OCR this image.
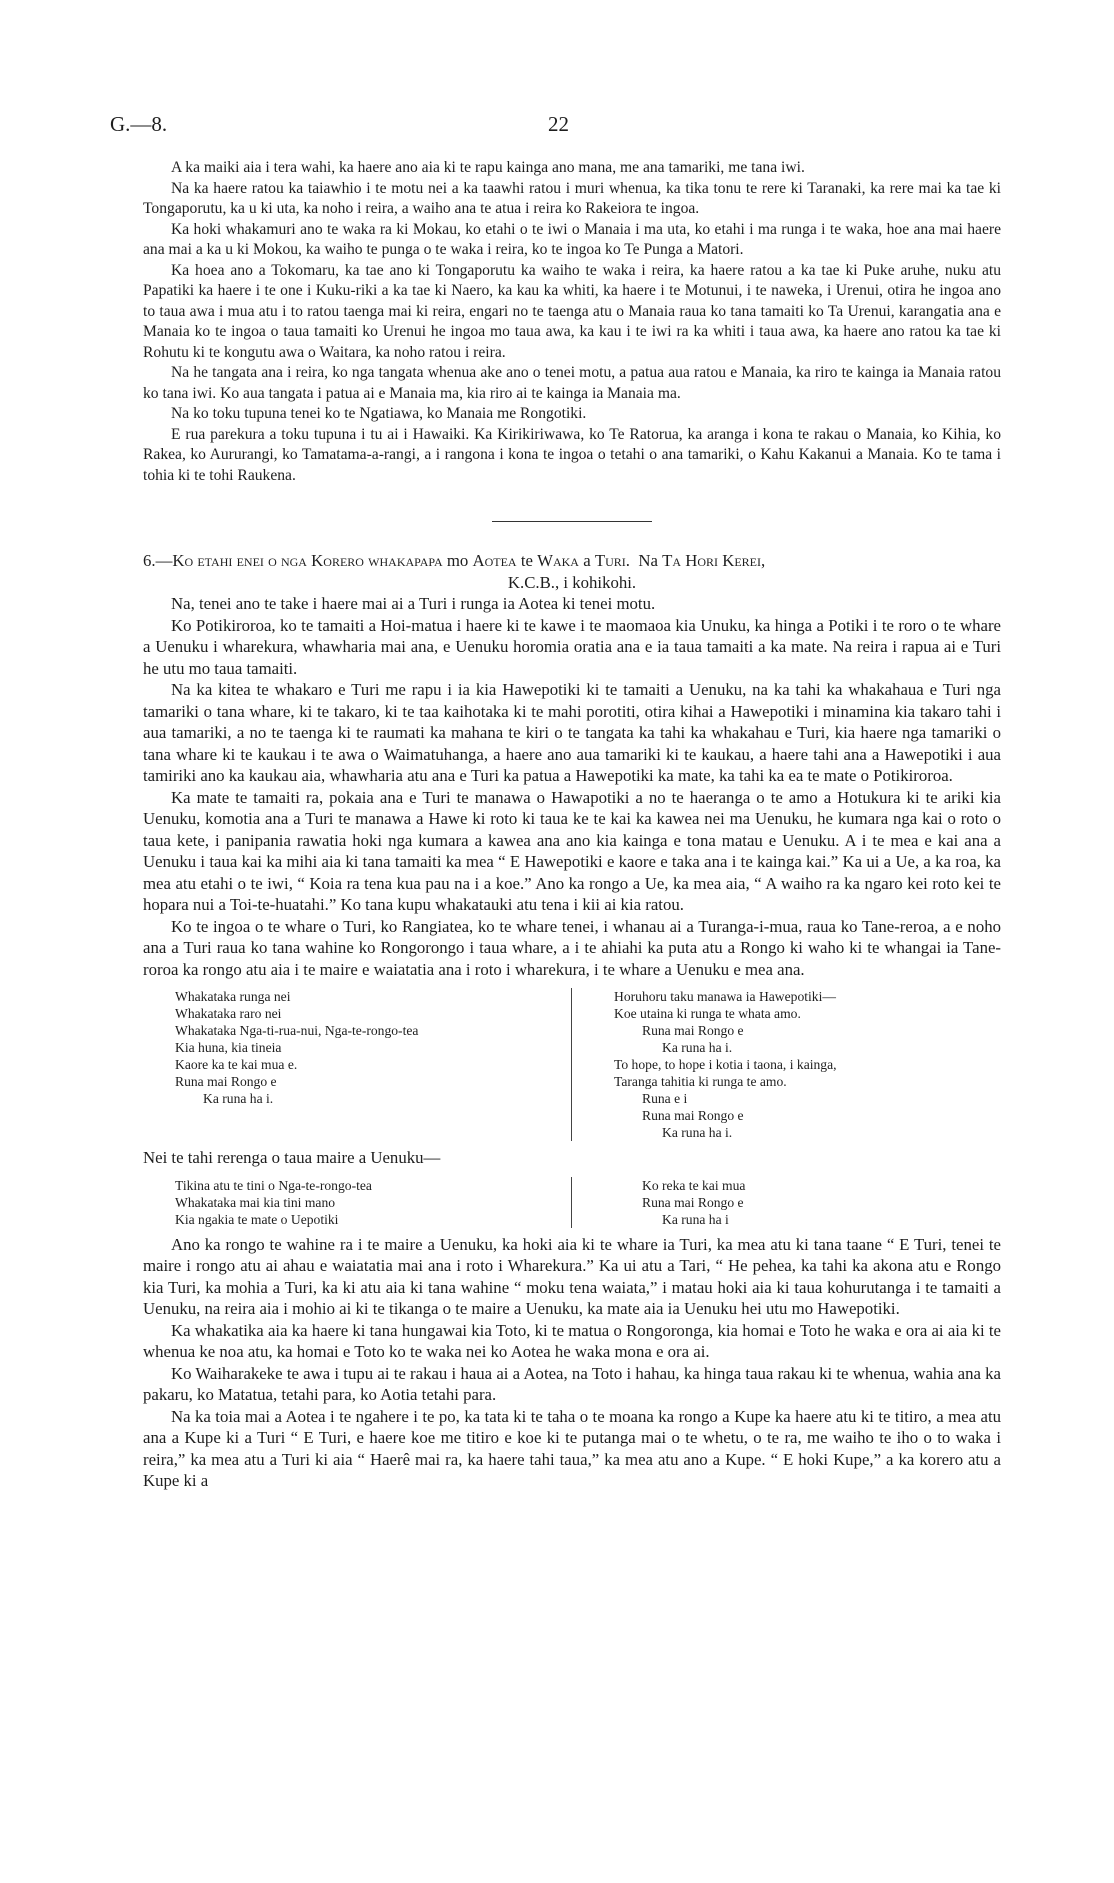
G.—8.	22

A ka maiki aia i tera wahi, ka haere ano aia ki te rapu kainga ano mana, me ana tamariki, me tana iwi.

Na ka haere ratou ka taiawhio i te motu nei a ka taawhi ratou i muri whenua, ka tika tonu te rere ki Taranaki, ka rere mai ka tae ki Tongaporutu, ka u ki uta, ka noho i reira, a waiho ana te atua i reira ko Rakeiora te ingoa.

Ka hoki whakamuri ano te waka ra ki Mokau, ko etahi o te iwi o Manaia i ma uta, ko etahi i ma runga i te waka, hoe ana mai haere ana mai a ka u ki Mokou, ka waiho te punga o te waka i reira, ko te ingoa ko Te Punga a Matori.

Ka hoea ano a Tokomaru, ka tae ano ki Tongaporutu ka waiho te waka i reira, ka haere ratou a ka tae ki Puke aruhe, nuku atu Papatiki ka haere i te one i Kuku-riki a ka tae ki Naero, ka kau ka whiti, ka haere i te Motunui, i te naweka, i Urenui, otira he ingoa ano to taua awa i mua atu i to ratou taenga mai ki reira, engari no te taenga atu o Manaia raua ko tana tamaiti ko Ta Urenui, karangatia ana e Manaia ko te ingoa o taua tamaiti ko Urenui he ingoa mo taua awa, ka kau i te iwi ra ka whiti i taua awa, ka haere ano ratou ka tae ki Rohutu ki te kongutu awa o Waitara, ka noho ratou i reira.

Na he tangata ana i reira, ko nga tangata whenua ake ano o tenei motu, a patua aua ratou e Manaia, ka riro te kainga ia Manaia ratou ko tana iwi. Ko aua tangata i patua ai e Manaia ma, kia riro ai te kainga ia Manaia ma.

Na ko toku tupuna tenei ko te Ngatiawa, ko Manaia me Rongotiki.

E rua parekura a toku tupuna i tu ai i Hawaiki. Ka Kirikiriwawa, ko Te Ratorua, ka aranga i kona te rakau o Manaia, ko Kihia, ko Rakea, ko Aururangi, ko Tamatama-a-rangi, a i rangona i kona te ingoa o tetahi o ana tamariki, o Kahu Kakanui a Manaia. Ko te tama i tohia ki te tohi Raukena.

6.—Ko etahi enei o nga Korero whakapapa mo Aotea te Waka a Turi. Na Ta Hori Kerei,
K.C.B., i kohikohi.

Na, tenei ano te take i haere mai ai a Turi i runga ia Aotea ki tenei motu.

Ko Potikiroroa, ko te tamaiti a Hoi-matua i haere ki te kawe i te maomaoa kia Unuku, ka hinga a Potiki i te roro o te whare a Uenuku i wharekura, whawharia mai ana, e Uenuku horomia oratia ana e ia taua tamaiti a ka mate. Na reira i rapua ai e Turi he utu mo taua tamaiti.

Na ka kitea te whakaro e Turi me rapu i ia kia Hawepotiki ki te tamaiti a Uenuku, na ka tahi ka whakahaua e Turi nga tamariki o tana whare, ki te takaro, ki te taa kaihotaka ki te mahi porotiti, otira kihai a Hawepotiki i minamina kia takaro tahi i aua tamariki, a no te taenga ki te raumati ka mahana te kiri o te tangata ka tahi ka whakahau e Turi, kia haere nga tamariki o tana whare ki te kaukau i te awa o Waimatuhanga, a haere ano aua tamariki ki te kaukau, a haere tahi ana a Hawepotiki i aua tamiriki ano ka kaukau aia, whawharia atu ana e Turi ka patua a Hawepotiki ka mate, ka tahi ka ea te mate o Potikiroroa.

Ka mate te tamaiti ra, pokaia ana e Turi te manawa o Hawapotiki a no te haeranga o te amo a Hotukura ki te ariki kia Uenuku, komotia ana a Turi te manawa a Hawe ki roto ki taua ke te kai ka kawea nei ma Uenuku, he kumara nga kai o roto o taua kete, i panipania rawatia hoki nga kumara a kawea ana ano kia kainga e tona matau e Uenuku. A i te mea e kai ana a Uenuku i taua kai ka mihi aia ki tana tamaiti ka mea “ E Hawepotiki e kaore e taka ana i te kainga kai.” Ka ui a Ue, a ka roa, ka mea atu etahi o te iwi, “ Koia ra tena kua pau na i a koe.” Ano ka rongo a Ue, ka mea aia, “ A waiho ra ka ngaro kei roto kei te hopara nui a Toi-te-huatahi.” Ko tana kupu whakatauki atu tena i kii ai kia ratou.

Ko te ingoa o te whare o Turi, ko Rangiatea, ko te whare tenei, i whanau ai a Turanga-i-mua, raua ko Tane-reroa, a e noho ana a Turi raua ko tana wahine ko Rongorongo i taua whare, a i te ahiahi ka puta atu a Rongo ki waho ki te whangai ia Tane-roroa ka rongo atu aia i te maire e waiatatia ana i roto i wharekura, i te whare a Uenuku e mea ana.

Whakataka runga nei
Whakataka raro nei
Whakataka Nga-ti-rua-nui, Nga-te-rongo-tea
Kia huna, kia tineia
Kaore ka te kai mua e.
Runa mai Rongo e
Ka runa ha i.
Horuhoru taku manawa ia Hawepotiki—
Koe utaina ki runga te whata amo.
Runa mai Rongo e
Ka runa ha i.
To hope, to hope i kotia i taona, i kainga,
Taranga tahitia ki runga te amo.
Runa e i
Runa mai Rongo e
Ka runa ha i.
Nei te tahi rerenga o taua maire a Uenuku—
Tikina atu te tini o Nga-te-rongo-tea
Whakataka mai kia tini mano
Kia ngakia te mate o Uepotiki
Ko reka te kai mua
Runa mai Rongo e
Ka runa ha i

Ano ka rongo te wahine ra i te maire a Uenuku, ka hoki aia ki te whare ia Turi, ka mea atu ki tana taane “ E Turi, tenei te maire i rongo atu ai ahau e waiatatia mai ana i roto i Wharekura.” Ka ui atu a Tari, “ He pehea, ka tahi ka akona atu e Rongo kia Turi, ka mohia a Turi, ka ki atu aia ki tana wahine “ moku tena waiata,” i matau hoki aia ki taua kohurutanga i te tamaiti a Uenuku, na reira aia i mohio ai ki te tikanga o te maire a Uenuku, ka mate aia ia Uenuku hei utu mo Hawepotiki.

Ka whakatika aia ka haere ki tana hungawai kia Toto, ki te matua o Rongoronga, kia homai e Toto he waka e ora ai aia ki te whenua ke noa atu, ka homai e Toto ko te waka nei ko Aotea he waka mona e ora ai.

Ko Waiharakeke te awa i tupu ai te rakau i haua ai a Aotea, na Toto i hahau, ka hinga taua rakau ki te whenua, wahia ana ka pakaru, ko Matatua, tetahi para, ko Aotia tetahi para.

Na ka toia mai a Aotea i te ngahere i te po, ka tata ki te taha o te moana ka rongo a Kupe ka haere atu ki te titiro, a mea atu ana a Kupe ki a Turi “ E Turi, e haere koe me titiro e koe ki te putanga mai o te whetu, o te ra, me waiho te iho o to waka i reira,” ka mea atu a Turi ki aia “ Haerê mai ra, ka haere tahi taua,” ka mea atu ano a Kupe. “ E hoki Kupe,” a ka korero atu a Kupe ki a
